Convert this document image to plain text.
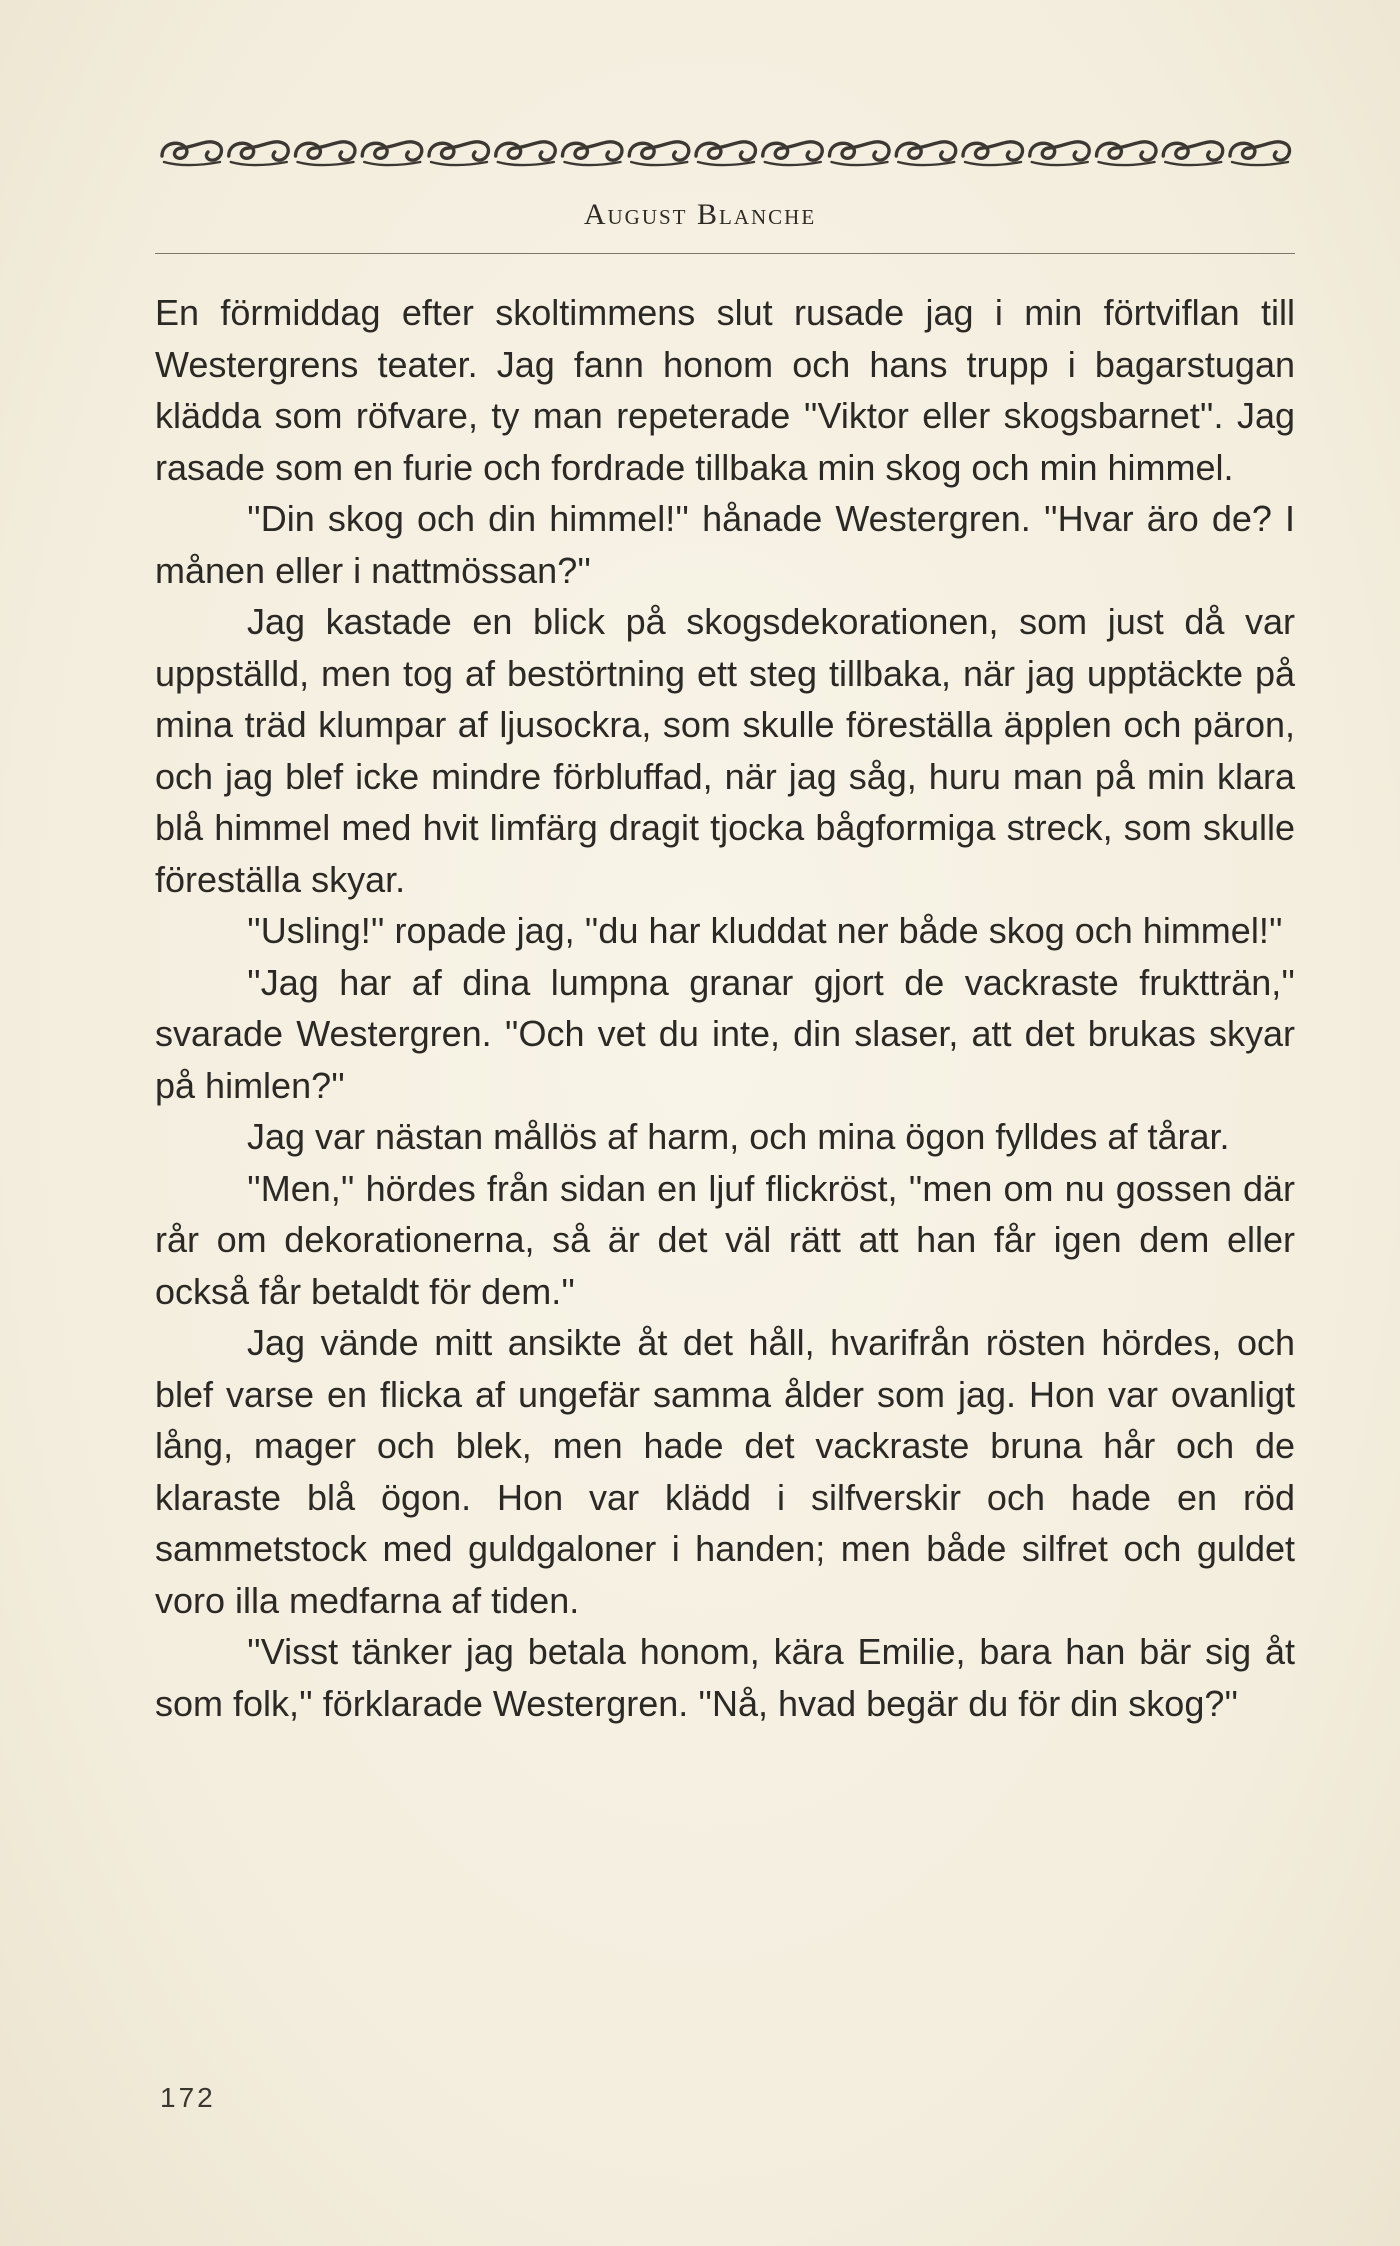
August Blanche

En förmiddag efter skoltimmens slut rusade jag i min förtviflan till Westergrens teater. Jag fann honom och hans trupp i bagarstugan klädda som röfvare, ty man repeterade ''Viktor eller skogsbarnet''. Jag rasade som en furie och fordrade tillbaka min skog och min himmel.

''Din skog och din himmel!'' hånade Westergren. ''Hvar äro de? I månen eller i nattmössan?''

Jag kastade en blick på skogsdekorationen, som just då var uppställd, men tog af bestörtning ett steg tillbaka, när jag upptäckte på mina träd klumpar af ljusockra, som skulle föreställa äpplen och päron, och jag blef icke mindre förbluffad, när jag såg, huru man på min klara blå himmel med hvit limfärg dragit tjocka bågformiga streck, som skulle föreställa skyar.

''Usling!'' ropade jag, ''du har kluddat ner både skog och himmel!''

''Jag har af dina lumpna granar gjort de vackraste fruktträn,'' svarade Westergren. ''Och vet du inte, din slaser, att det brukas skyar på himlen?''

Jag var nästan mållös af harm, och mina ögon fylldes af tårar.

''Men,'' hördes från sidan en ljuf flickröst, ''men om nu gossen där rår om dekorationerna, så är det väl rätt att han får igen dem eller också får betaldt för dem.''

Jag vände mitt ansikte åt det håll, hvarifrån rösten hördes, och blef varse en flicka af ungefär samma ålder som jag. Hon var ovanligt lång, mager och blek, men hade det vackraste bruna hår och de klaraste blå ögon. Hon var klädd i silfverskir och hade en röd sammetstock med guldgaloner i handen; men både silfret och guldet voro illa medfarna af tiden.

''Visst tänker jag betala honom, kära Emilie, bara han bär sig åt som folk,'' förklarade Westergren. ''Nå, hvad begär du för din skog?''

172
